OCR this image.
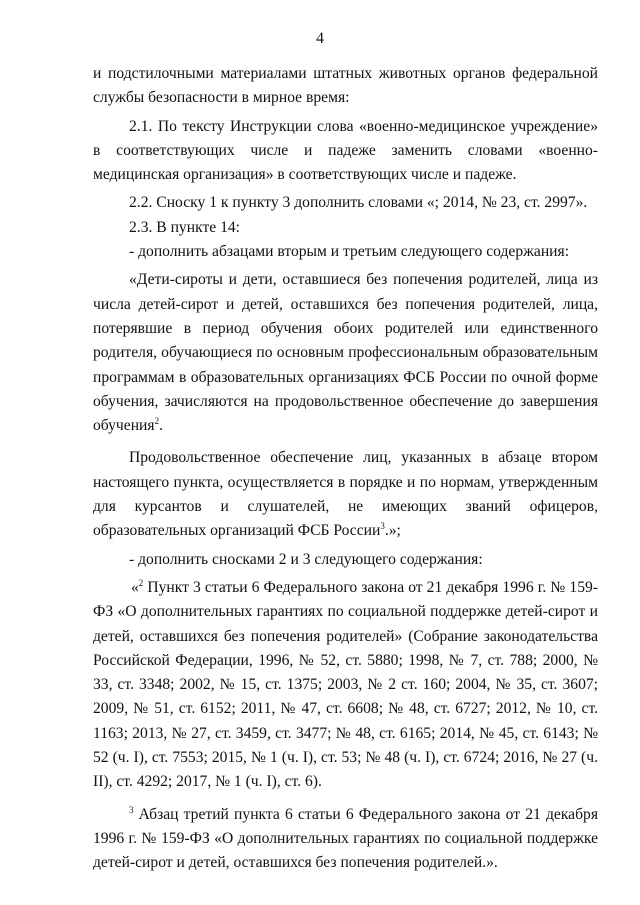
4

и подстилочными материалами штатных животных органов федеральной службы безопасности в мирное время:

2.1. По тексту Инструкции слова «военно-медицинское учреждение» в соответствующих числе и падеже заменить словами «военно-медицинская организация» в соответствующих числе и падеже.

2.2. Сноску 1 к пункту 3 дополнить словами «; 2014, № 23, ст. 2997».

2.3. В пункте 14:

- дополнить абзацами вторым и третьим следующего содержания:

«Дети-сироты и дети, оставшиеся без попечения родителей, лица из числа детей-сирот и детей, оставшихся без попечения родителей, лица, потерявшие в период обучения обоих родителей или единственного родителя, обучающиеся по основным профессиональным образовательным программам в образовательных организациях ФСБ России по очной форме обучения, зачисляются на продовольственное обеспечение до завершения обучения$^2$.

Продовольственное обеспечение лиц, указанных в абзаце втором настоящего пункта, осуществляется в порядке и по нормам, утвержденным для курсантов и слушателей, не имеющих званий офицеров, образовательных организаций ФСБ России$^3$.»;

- дополнить сносками 2 и 3 следующего содержания:

«$^2$ Пункт 3 статьи 6 Федерального закона от 21 декабря 1996 г. № 159-ФЗ «О дополнительных гарантиях по социальной поддержке детей-сирот и детей, оставшихся без попечения родителей» (Собрание законодательства Российской Федерации, 1996, № 52, ст. 5880; 1998, № 7, ст. 788; 2000, № 33, ст. 3348; 2002, № 15, ст. 1375; 2003, № 2 ст. 160; 2004, № 35, ст. 3607; 2009, № 51, ст. 6152; 2011, № 47, ст. 6608; № 48, ст. 6727; 2012, № 10, ст. 1163; 2013, № 27, ст. 3459, ст. 3477; № 48, ст. 6165; 2014, № 45, ст. 6143; № 52 (ч. I), ст. 7553; 2015, № 1 (ч. I), ст. 53; № 48 (ч. I), ст. 6724; 2016, № 27 (ч. II), ст. 4292; 2017, № 1 (ч. I), ст. 6).

$^3$ Абзац третий пункта 6 статьи 6 Федерального закона от 21 декабря 1996 г. № 159-ФЗ «О дополнительных гарантиях по социальной поддержке детей-сирот и детей, оставшихся без попечения родителей.».
